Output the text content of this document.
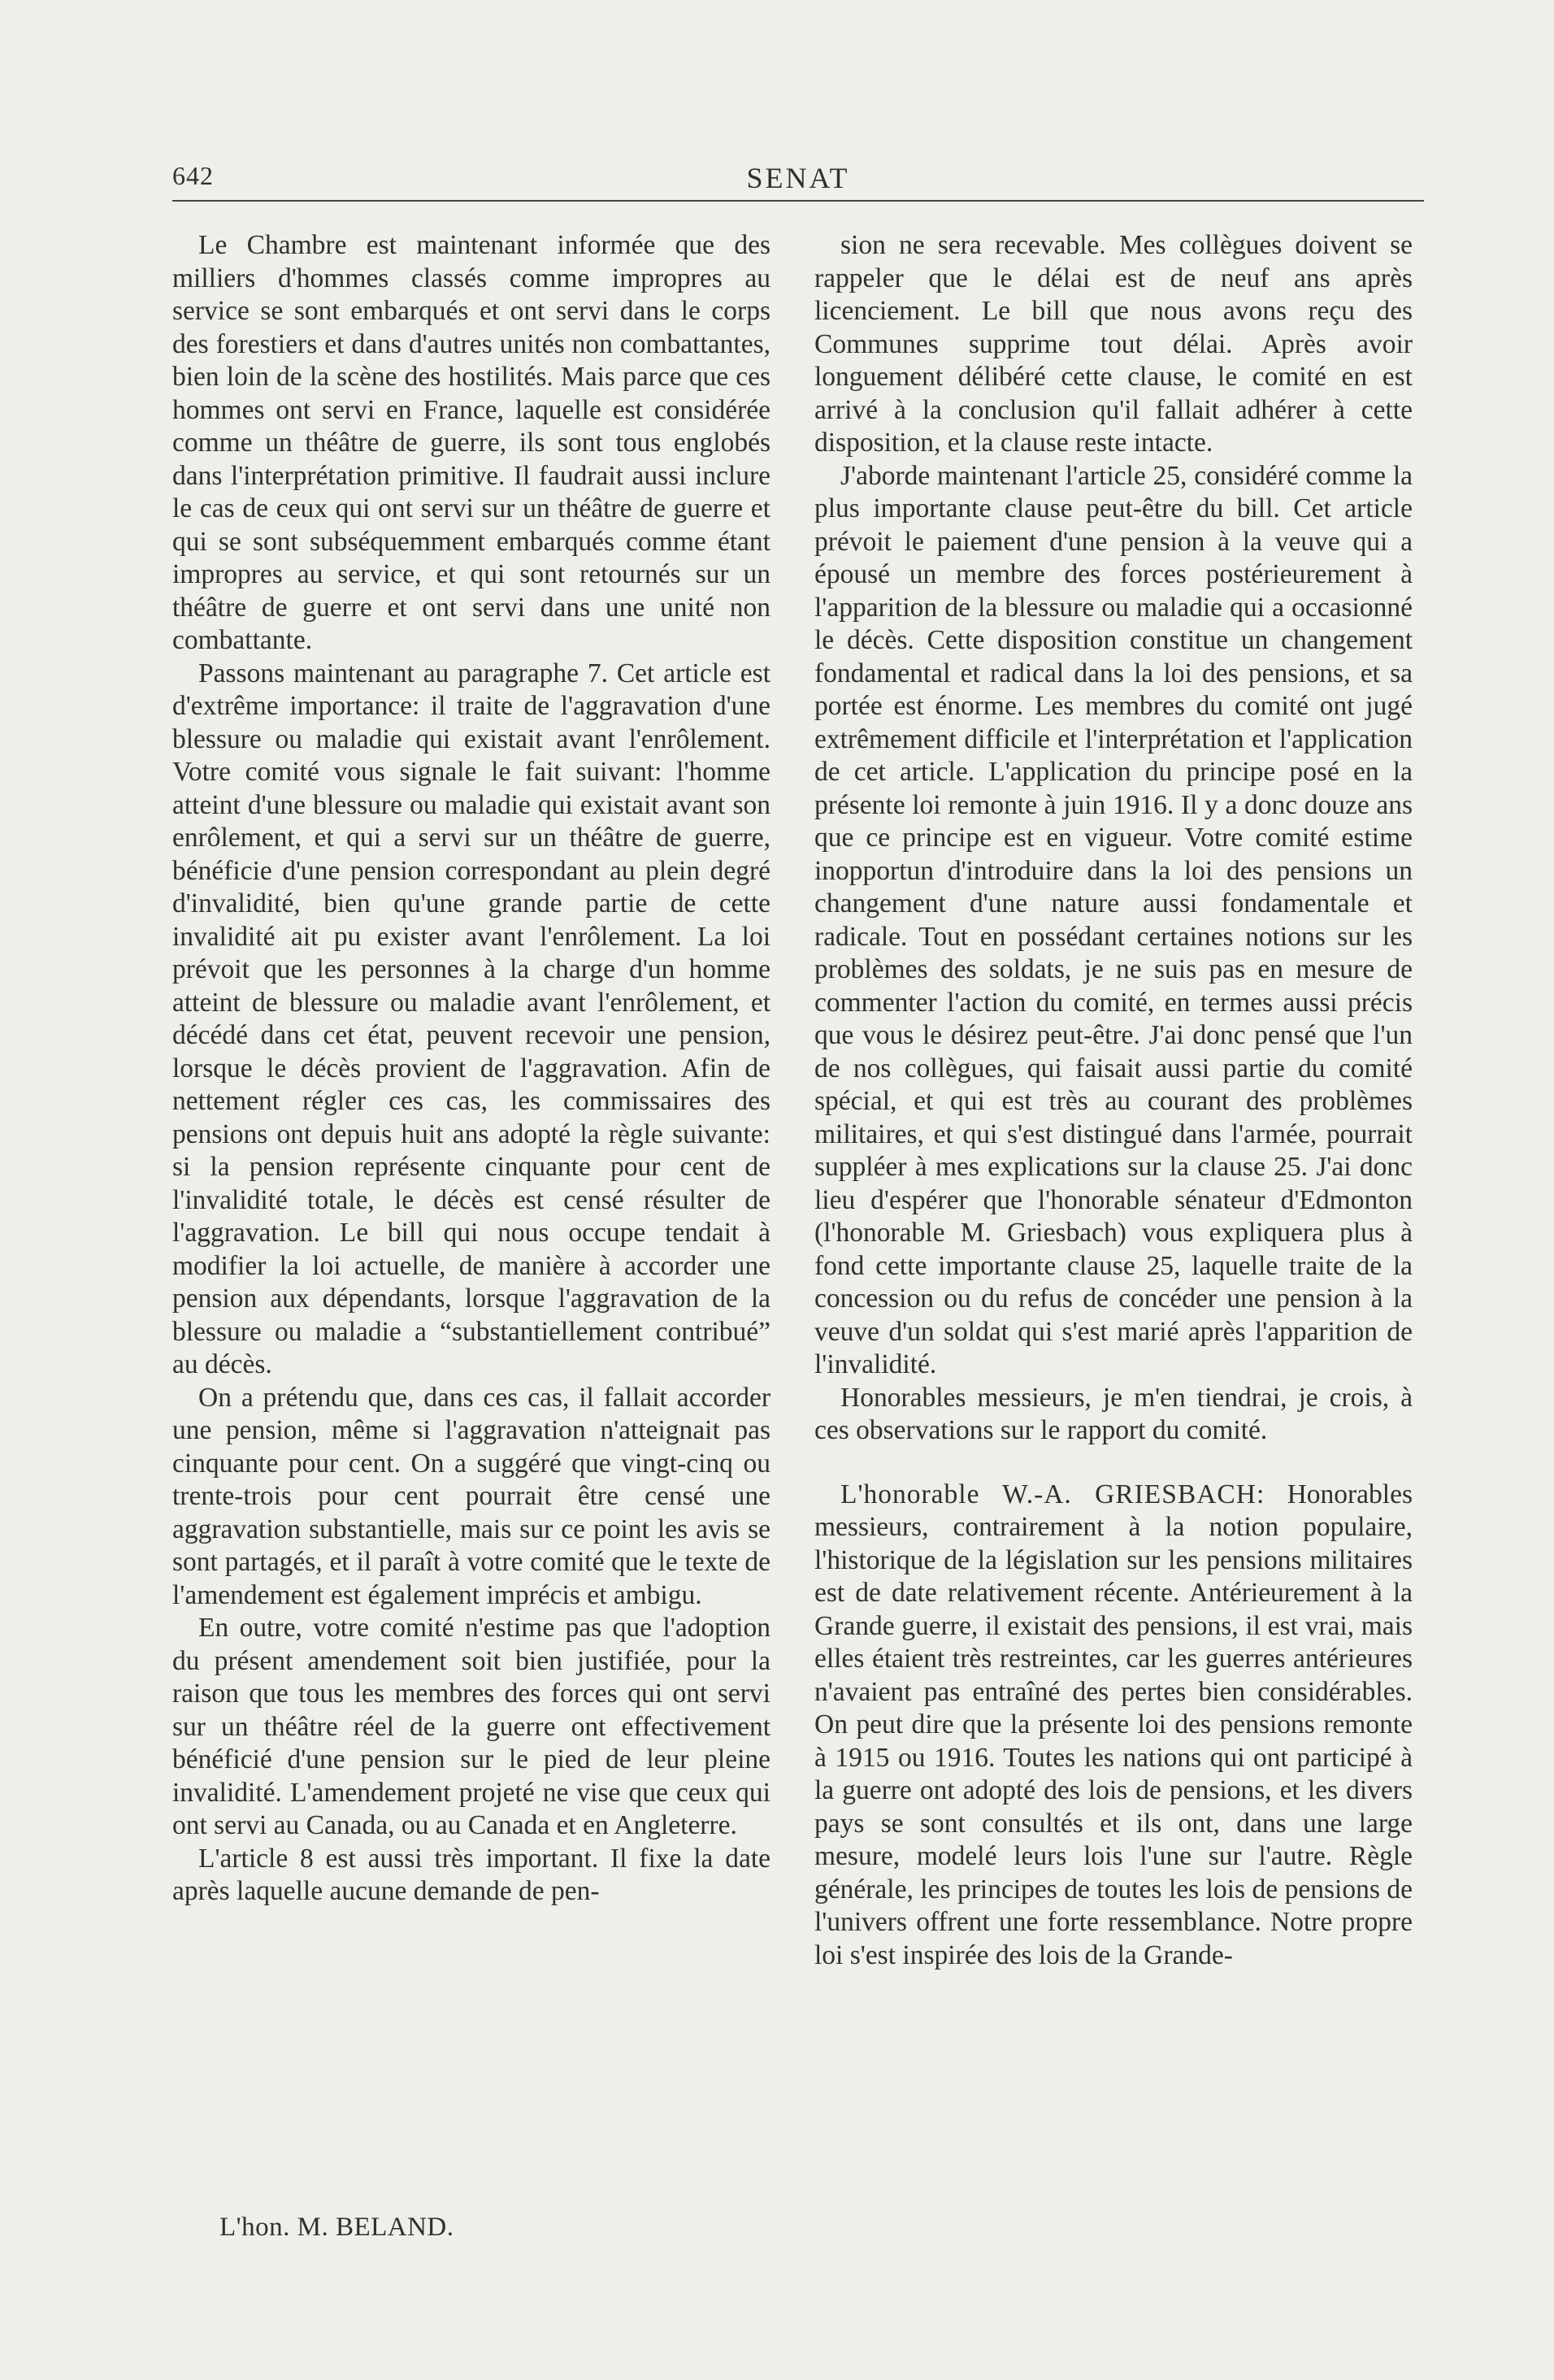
642	SENAT

Le Chambre est maintenant informée que des milliers d'hommes classés comme impropres au service se sont embarqués et ont servi dans le corps des forestiers et dans d'autres unités non combattantes, bien loin de la scène des hostilités. Mais parce que ces hommes ont servi en France, laquelle est considérée comme un théâtre de guerre, ils sont tous englobés dans l'interprétation primitive. Il faudrait aussi inclure le cas de ceux qui ont servi sur un théâtre de guerre et qui se sont subséquemment embarqués comme étant impropres au service, et qui sont retournés sur un théâtre de guerre et ont servi dans une unité non combattante.

Passons maintenant au paragraphe 7. Cet article est d'extrême importance: il traite de l'aggravation d'une blessure ou maladie qui existait avant l'enrôlement. Votre comité vous signale le fait suivant: l'homme atteint d'une blessure ou maladie qui existait avant son enrôlement, et qui a servi sur un théâtre de guerre, bénéficie d'une pension correspondant au plein degré d'invalidité, bien qu'une grande partie de cette invalidité ait pu exister avant l'enrôlement. La loi prévoit que les personnes à la charge d'un homme atteint de blessure ou maladie avant l'enrôlement, et décédé dans cet état, peuvent recevoir une pension, lorsque le décès provient de l'aggravation. Afin de nettement régler ces cas, les commissaires des pensions ont depuis huit ans adopté la règle suivante: si la pension représente cinquante pour cent de l'invalidité totale, le décès est censé résulter de l'aggravation. Le bill qui nous occupe tendait à modifier la loi actuelle, de manière à accorder une pension aux dépendants, lorsque l'aggravation de la blessure ou maladie a “substantiellement contribué” au décès.

On a prétendu que, dans ces cas, il fallait accorder une pension, même si l'aggravation n'atteignait pas cinquante pour cent. On a suggéré que vingt-cinq ou trente-trois pour cent pourrait être censé une aggravation substantielle, mais sur ce point les avis se sont partagés, et il paraît à votre comité que le texte de l'amendement est également imprécis et ambigu.

En outre, votre comité n'estime pas que l'adoption du présent amendement soit bien justifiée, pour la raison que tous les membres des forces qui ont servi sur un théâtre réel de la guerre ont effectivement bénéficié d'une pension sur le pied de leur pleine invalidité. L'amendement projeté ne vise que ceux qui ont servi au Canada, ou au Canada et en Angleterre.

L'article 8 est aussi très important. Il fixe la date après laquelle aucune demande de pen-

L'hon. M. BELAND.

sion ne sera recevable. Mes collègues doivent se rappeler que le délai est de neuf ans après licenciement. Le bill que nous avons reçu des Communes supprime tout délai. Après avoir longuement délibéré cette clause, le comité en est arrivé à la conclusion qu'il fallait adhérer à cette disposition, et la clause reste intacte.

J'aborde maintenant l'article 25, considéré comme la plus importante clause peut-être du bill. Cet article prévoit le paiement d'une pension à la veuve qui a épousé un membre des forces postérieurement à l'apparition de la blessure ou maladie qui a occasionné le décès. Cette disposition constitue un changement fondamental et radical dans la loi des pensions, et sa portée est énorme. Les membres du comité ont jugé extrêmement difficile et l'interprétation et l'application de cet article. L'application du principe posé en la présente loi remonte à juin 1916. Il y a donc douze ans que ce principe est en vigueur. Votre comité estime inopportun d'introduire dans la loi des pensions un changement d'une nature aussi fondamentale et radicale. Tout en possédant certaines notions sur les problèmes des soldats, je ne suis pas en mesure de commenter l'action du comité, en termes aussi précis que vous le désirez peut-être. J'ai donc pensé que l'un de nos collègues, qui faisait aussi partie du comité spécial, et qui est très au courant des problèmes militaires, et qui s'est distingué dans l'armée, pourrait suppléer à mes explications sur la clause 25. J'ai donc lieu d'espérer que l'honorable sénateur d'Edmonton (l'honorable M. Griesbach) vous expliquera plus à fond cette importante clause 25, laquelle traite de la concession ou du refus de concéder une pension à la veuve d'un soldat qui s'est marié après l'apparition de l'invalidité.

Honorables messieurs, je m'en tiendrai, je crois, à ces observations sur le rapport du comité.

L'honorable W.-A. GRIESBACH: Honorables messieurs, contrairement à la notion populaire, l'historique de la législation sur les pensions militaires est de date relativement récente. Antérieurement à la Grande guerre, il existait des pensions, il est vrai, mais elles étaient très restreintes, car les guerres antérieures n'avaient pas entraîné des pertes bien considérables. On peut dire que la présente loi des pensions remonte à 1915 ou 1916. Toutes les nations qui ont participé à la guerre ont adopté des lois de pensions, et les divers pays se sont consultés et ils ont, dans une large mesure, modelé leurs lois l'une sur l'autre. Règle générale, les principes de toutes les lois de pensions de l'univers offrent une forte ressemblance. Notre propre loi s'est inspirée des lois de la Grande-
